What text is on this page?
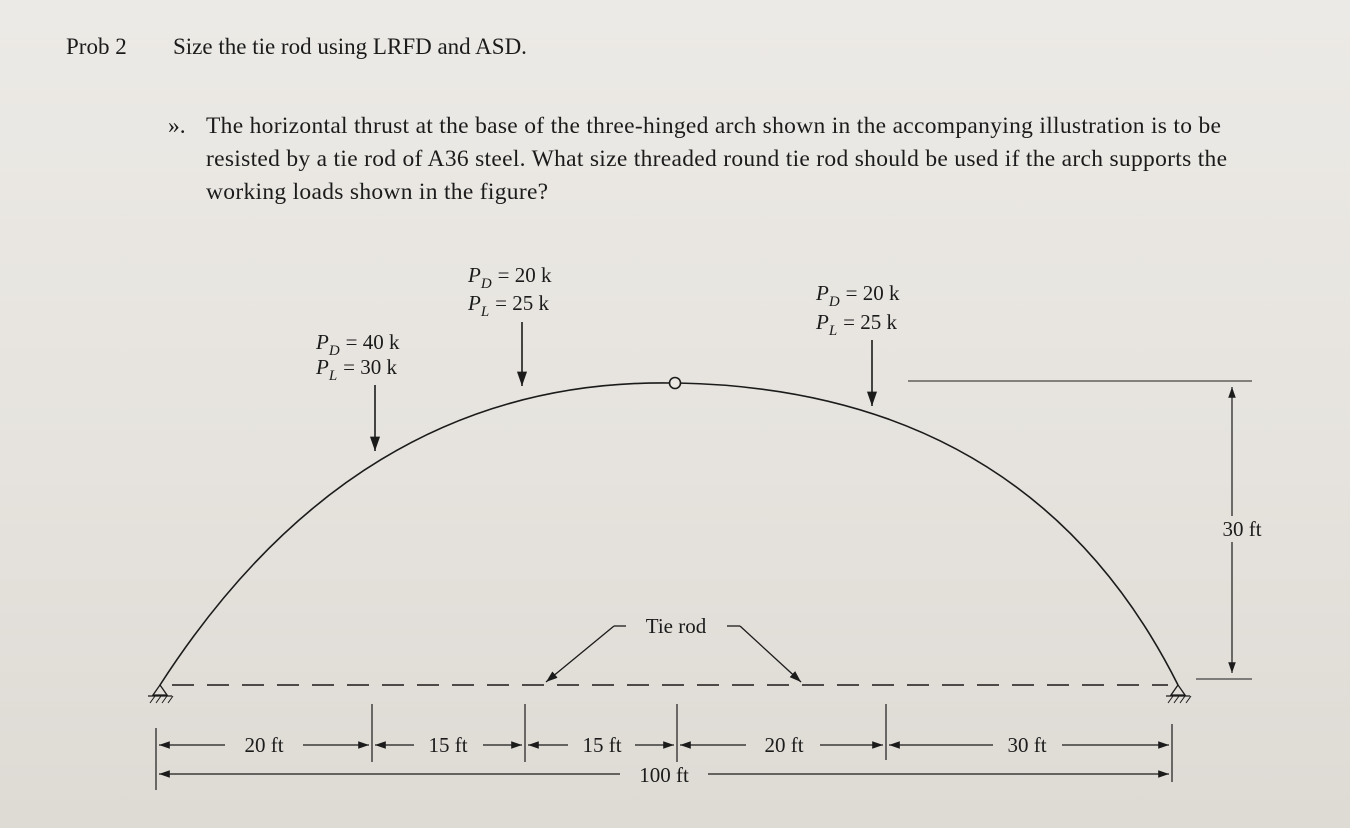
Prob 2 Size the tie rod using LRFD and ASD.
». The horizontal thrust at the base of the three-hinged arch shown in the accompanying illustration is to be resisted by a tie rod of A36 steel. What size threaded round tie rod should be used if the arch supports the working loads shown in the figure?
Tie rod
$P_D = 40$ k
$P_L = 30$ k
$P_D = 20$ k
$P_L = 25$ k	$P_D = 20$ k
$P_L = 25$ k
30 ft
20 ft	15 ft	15 ft	20 ft	30 ft
100 ft
